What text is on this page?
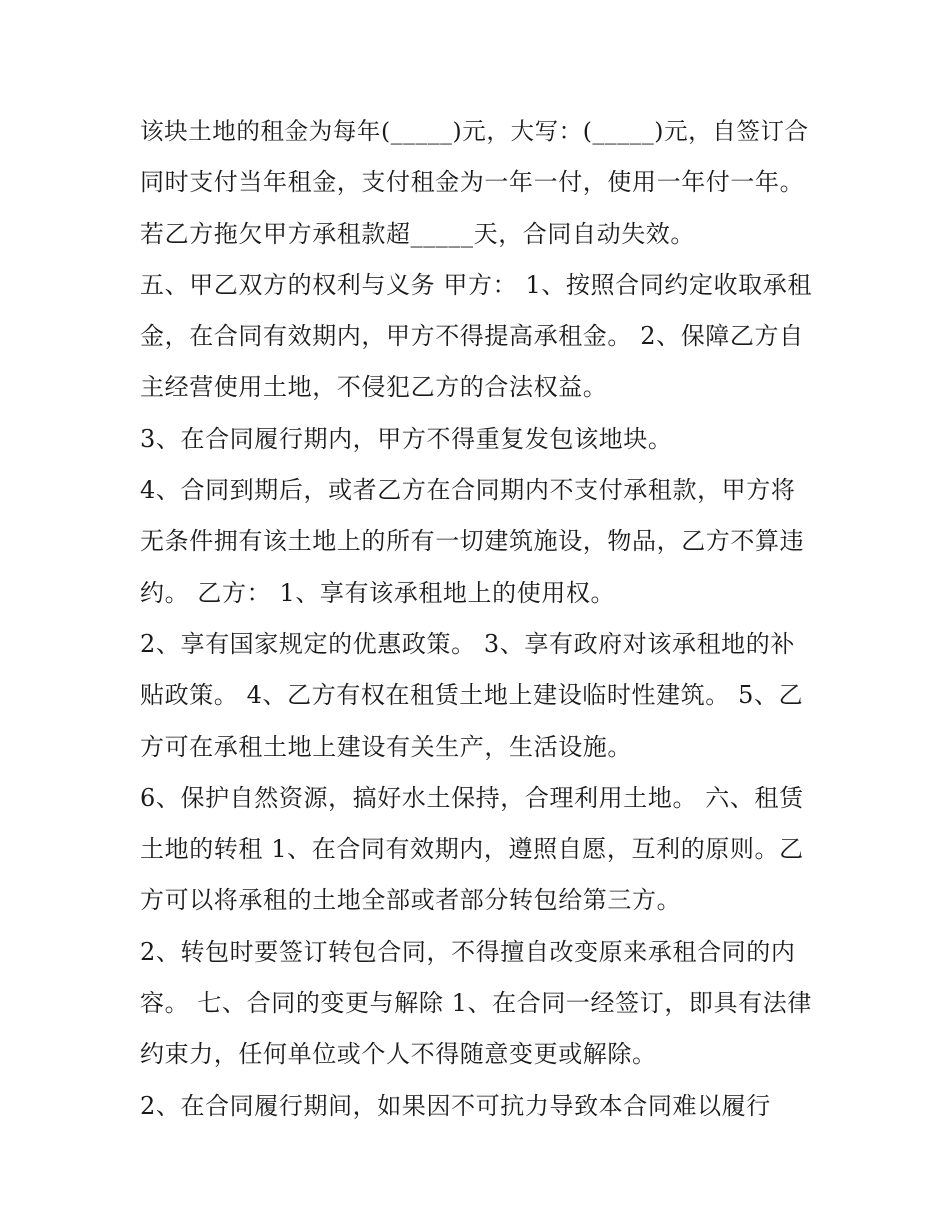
该块土地的租金为每年(_____)元，大写：(_____)元，自签订合

同时支付当年租金，支付租金为一年一付，使用一年付一年。

若乙方拖欠甲方承租款超_____天，合同自动失效。

五、甲乙双方的权利与义务 甲方： 1、按照合同约定收取承租

金，在合同有效期内，甲方不得提高承租金。 2、保障乙方自

主经营使用土地，不侵犯乙方的合法权益。

3、在合同履行期内，甲方不得重复发包该地块。

4、合同到期后，或者乙方在合同期内不支付承租款，甲方将

无条件拥有该土地上的所有一切建筑施设，物品，乙方不算违

约。 乙方： 1、享有该承租地上的使用权。

2、享有国家规定的优惠政策。 3、享有政府对该承租地的补

贴政策。 4、乙方有权在租赁土地上建设临时性建筑。 5、乙

方可在承租土地上建设有关生产，生活设施。

6、保护自然资源，搞好水土保持，合理利用土地。 六、租赁

土地的转租 1、在合同有效期内，遵照自愿，互利的原则。乙

方可以将承租的土地全部或者部分转包给第三方。

2、转包时要签订转包合同，不得擅自改变原来承租合同的内

容。 七、合同的变更与解除 1、在合同一经签订，即具有法律

约束力，任何单位或个人不得随意变更或解除。

2、在合同履行期间，如果因不可抗力导致本合同难以履行
